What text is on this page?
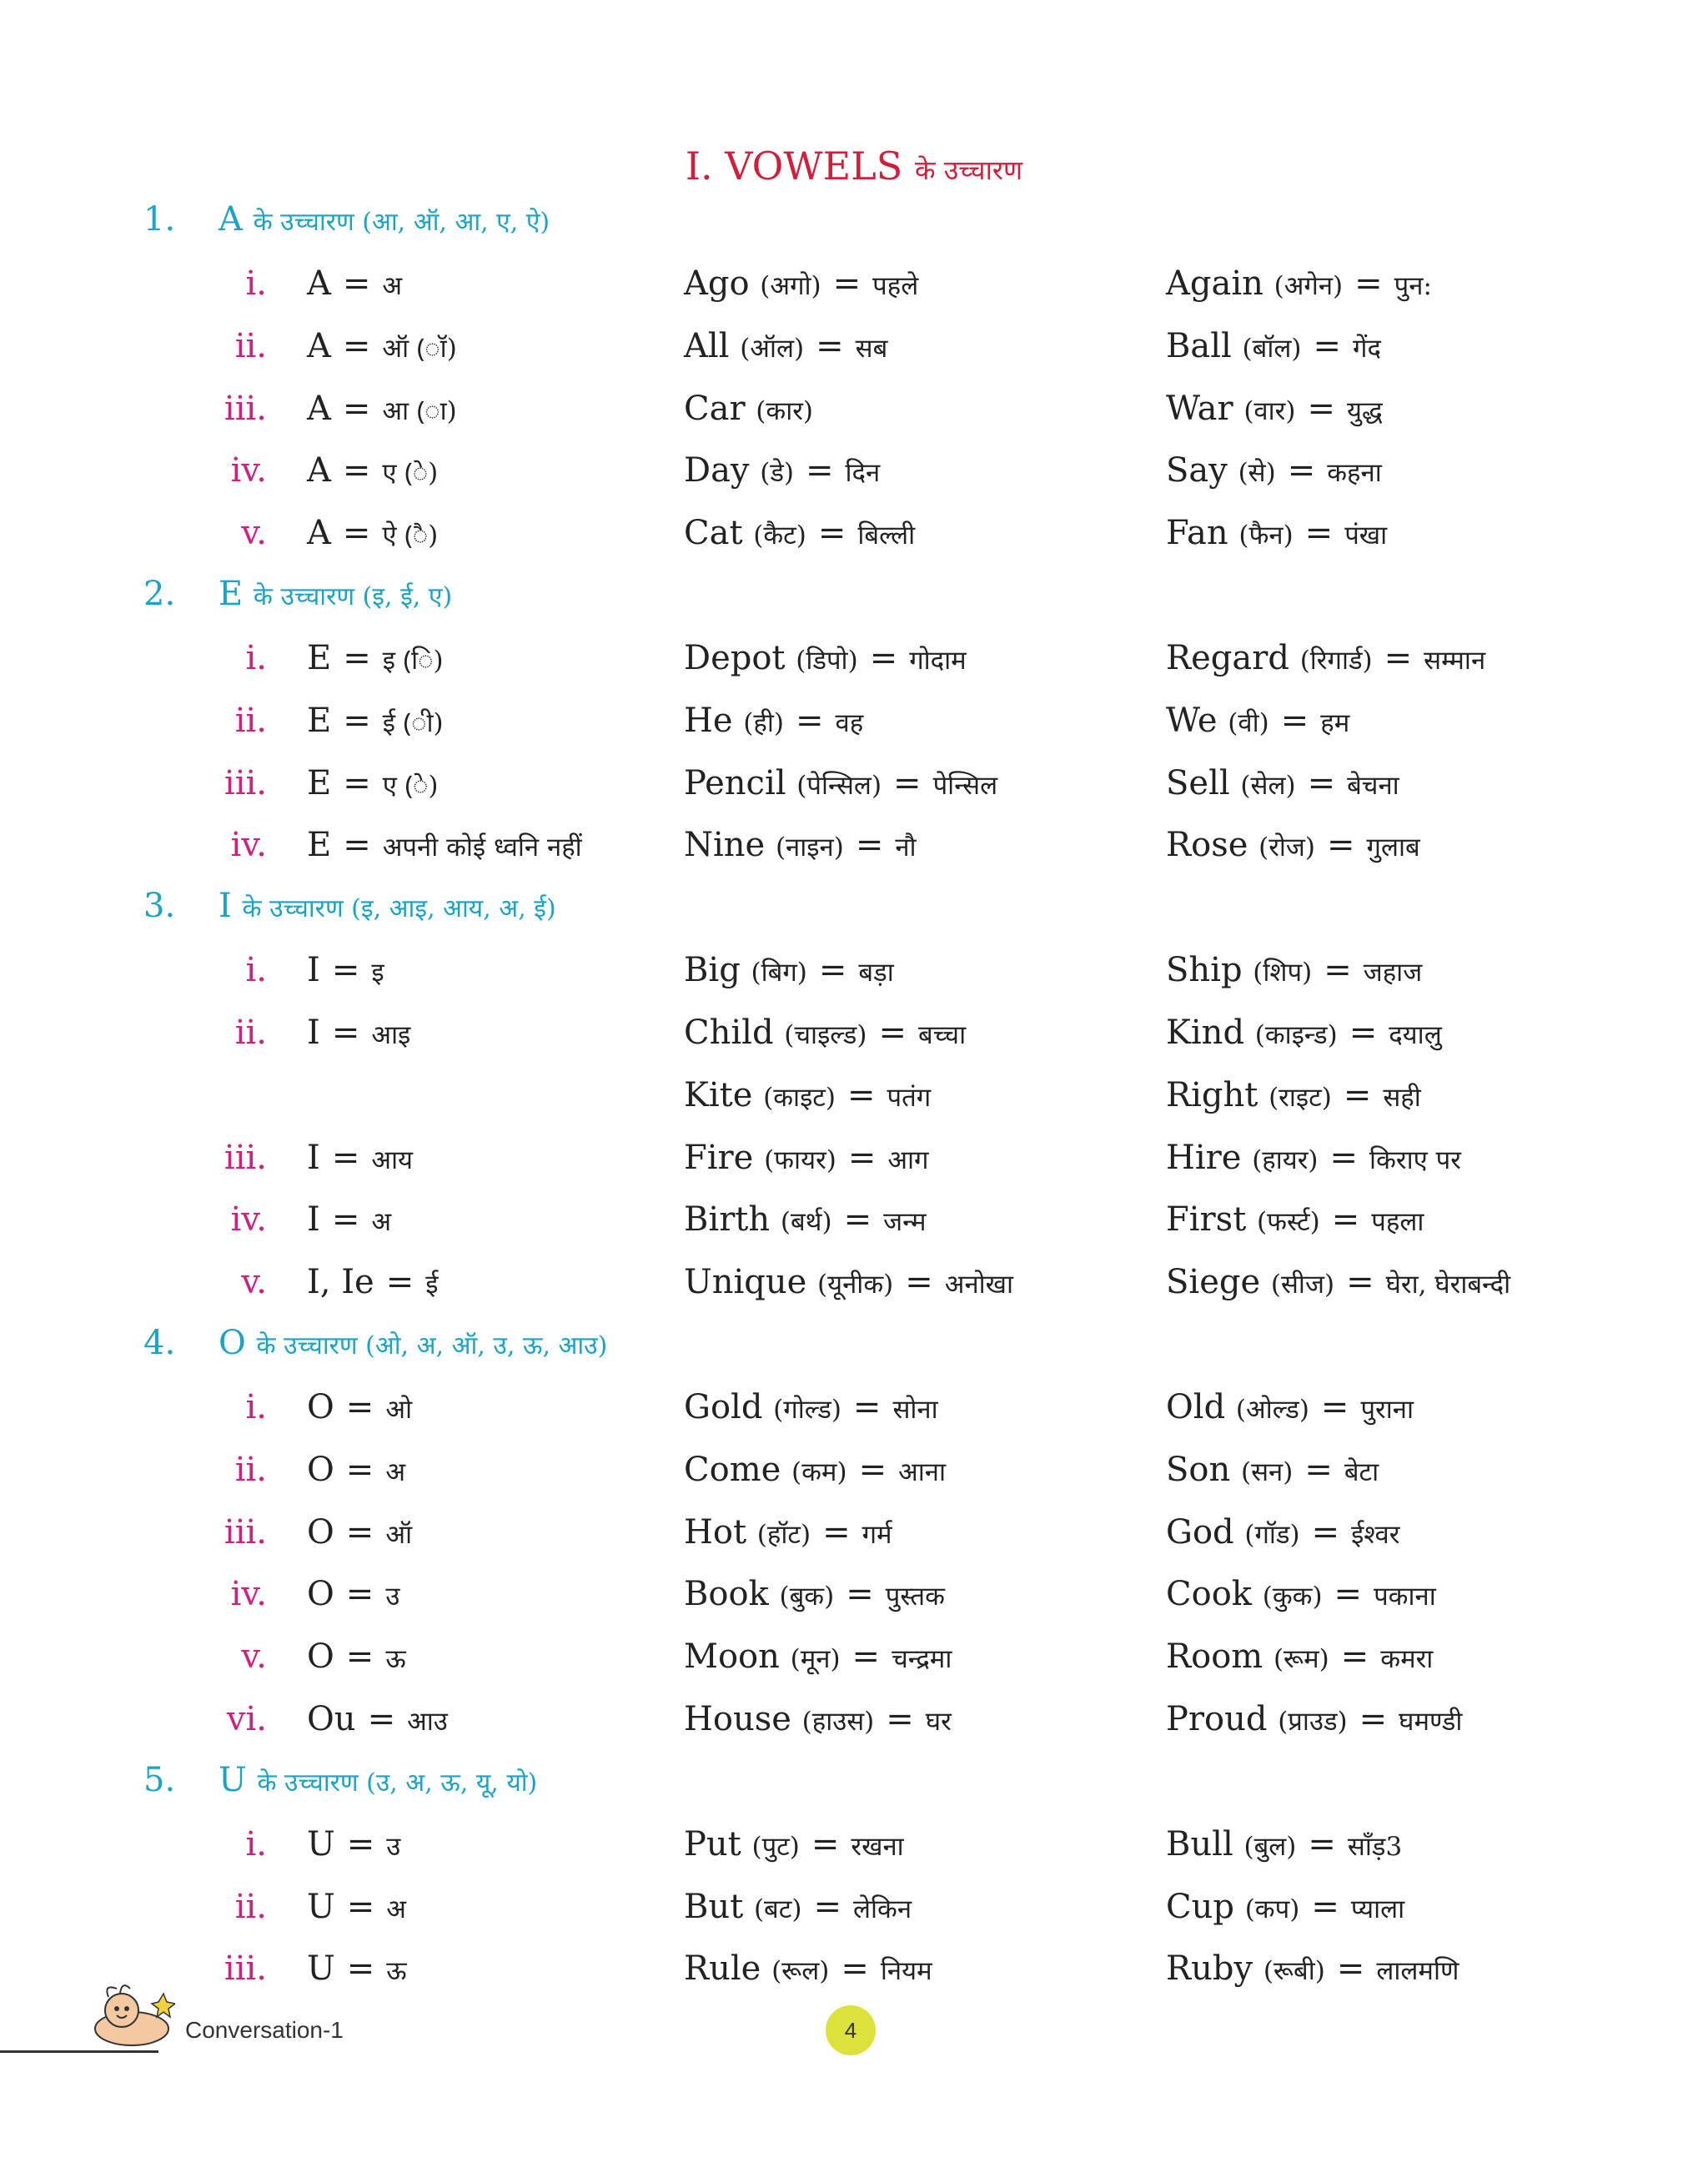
I. VOWELS के उच्चारण
1. A के उच्चारण (आ, ऑ, आ, ए, ऐ)
i. A = अ	Ago (अगो) = पहले	Again (अगेन) = पुन:
ii. A = ऑ (ॉ)	All (ऑल) = सब	Ball (बॉल) = गेंद
iii. A = आ (ा)	Car (कार)	War (वार) = युद्ध
iv. A = ए (े)	Day (डे) = दिन	Say (से) = कहना
v. A = ऐ (ै)	Cat (कैट) = बिल्ली	Fan (फैन) = पंखा
2. E के उच्चारण (इ, ई, ए)
i. E = इ (ि)	Depot (डिपो) = गोदाम	Regard (रिगार्ड) = सम्मान
ii. E = ई (ी)	He (ही) = वह	We (वी) = हम
iii. E = ए (े)	Pencil (पेन्सिल) = पेन्सिल	Sell (सेल) = बेचना
iv. E = अपनी कोई ध्वनि नहीं	Nine (नाइन) = नौ	Rose (रोज) = गुलाब
3. I के उच्चारण (इ, आइ, आय, अ, ई)
i. I = इ	Big (बिग) = बड़ा	Ship (शिप) = जहाज
ii. I = आइ	Child (चाइल्ड) = बच्चा	Kind (काइन्ड) = दयालु
Kite (काइट) = पतंग	Right (राइट) = सही
iii. I = आय	Fire (फायर) = आग	Hire (हायर) = किराए पर
iv. I = अ	Birth (बर्थ) = जन्म	First (फर्स्ट) = पहला
v. I, Ie = ई	Unique (यूनीक) = अनोखा	Siege (सीज) = घेरा, घेराबन्दी
4. O के उच्चारण (ओ, अ, ऑ, उ, ऊ, आउ)
i. O = ओ	Gold (गोल्ड) = सोना	Old (ओल्ड) = पुराना
ii. O = अ	Come (कम) = आना	Son (सन) = बेटा
iii. O = ऑ	Hot (हॉट) = गर्म	God (गॉड) = ईश्वर
iv. O = उ	Book (बुक) = पुस्तक	Cook (कुक) = पकाना
v. O = ऊ	Moon (मून) = चन्द्रमा	Room (रूम) = कमरा
vi. Ou = आउ	House (हाउस) = घर	Proud (प्राउड) = घमण्डी
5. U के उच्चारण (उ, अ, ऊ, यू, यो)
i. U = उ	Put (पुट) = रखना	Bull (बुल) = साँड़3
ii. U = अ	But (बट) = लेकिन	Cup (कप) = प्याला
iii. U = ऊ	Rule (रूल) = नियम	Ruby (रूबी) = लालमणि
Conversation-1	4
